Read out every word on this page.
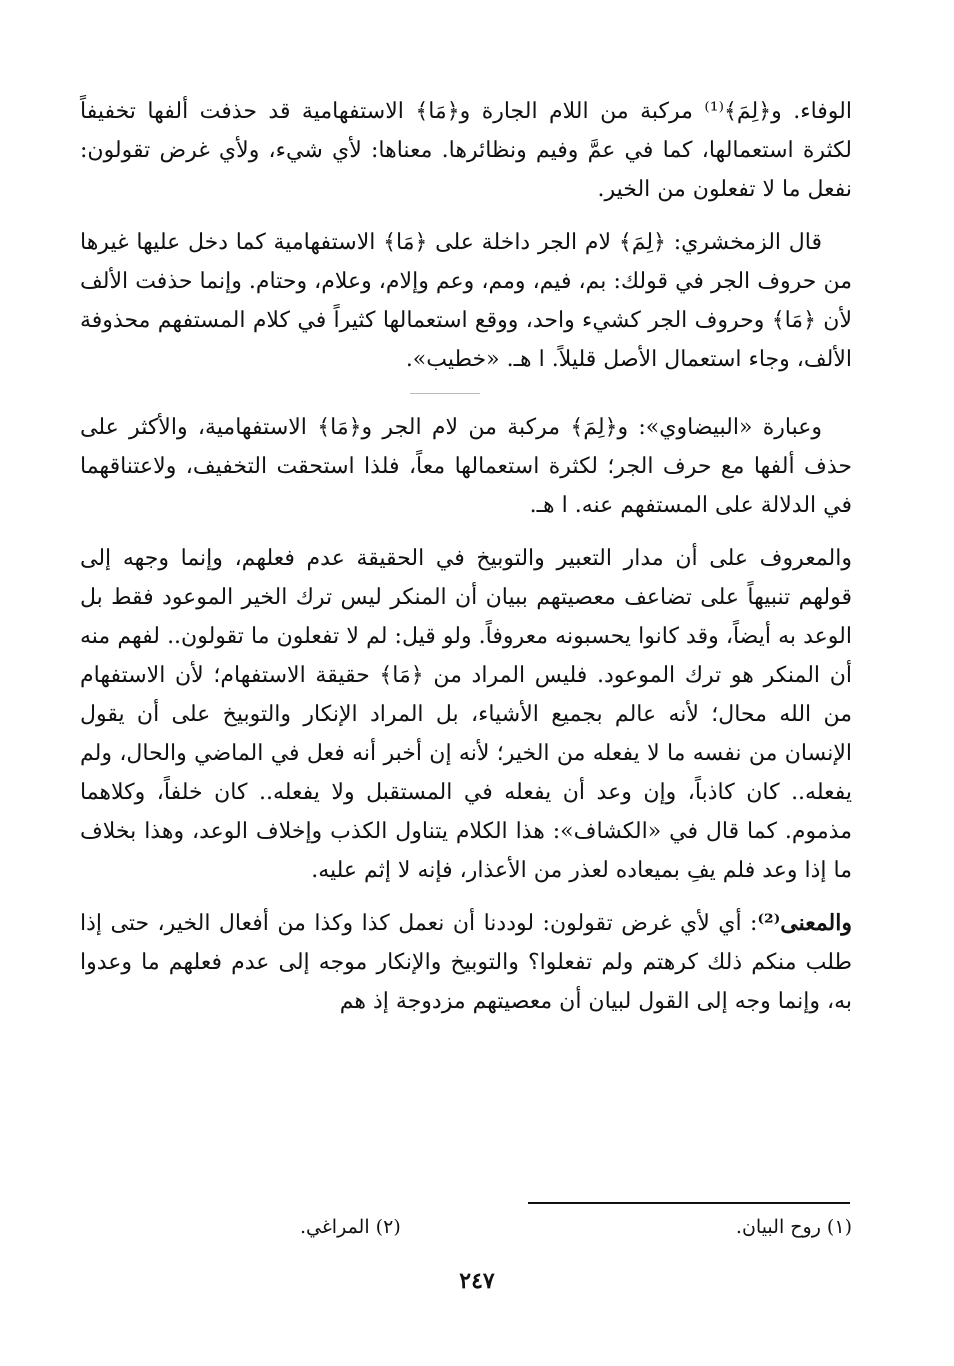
الوفاء. و﴿لِمَ﴾⁽¹⁾ مركبة من اللام الجارة و﴿مَا﴾ الاستفهامية قد حذفت ألفها تخفيفاً لكثرة استعمالها، كما في عمَّ وفيم ونظائرها. معناها: لأي شيء، ولأي غرض تقولون: نفعل ما لا تفعلون من الخير.

قال الزمخشري: ﴿لِمَ﴾ لام الجر داخلة على ﴿مَا﴾ الاستفهامية كما دخل عليها غيرها من حروف الجر في قولك: بم، فيم، ومم، وعم وإلام، وعلام، وحتام. وإنما حذفت الألف لأن ﴿مَا﴾ وحروف الجر كشيء واحد، ووقع استعمالها كثيراً في كلام المستفهم محذوفة الألف، وجاء استعمال الأصل قليلاً. ا هـ. «خطيب».

وعبارة «البيضاوي»: و﴿لِمَ﴾ مركبة من لام الجر و﴿مَا﴾ الاستفهامية، والأكثر على حذف ألفها مع حرف الجر؛ لكثرة استعمالها معاً، فلذا استحقت التخفيف، ولاعتناقهما في الدلالة على المستفهم عنه. ا هـ.

والمعروف على أن مدار التعبير والتوبيخ في الحقيقة عدم فعلهم، وإنما وجهه إلى قولهم تنبيهاً على تضاعف معصيتهم ببيان أن المنكر ليس ترك الخير الموعود فقط بل الوعد به أيضاً، وقد كانوا يحسبونه معروفاً. ولو قيل: لم لا تفعلون ما تقولون.. لفهم منه أن المنكر هو ترك الموعود. فليس المراد من ﴿مَا﴾ حقيقة الاستفهام؛ لأن الاستفهام من الله محال؛ لأنه عالم بجميع الأشياء، بل المراد الإنكار والتوبيخ على أن يقول الإنسان من نفسه ما لا يفعله من الخير؛ لأنه إن أخبر أنه فعل في الماضي والحال، ولم يفعله.. كان كاذباً، وإن وعد أن يفعله في المستقبل ولا يفعله.. كان خلفاً، وكلاهما مذموم. كما قال في «الكشاف»: هذا الكلام يتناول الكذب وإخلاف الوعد، وهذا بخلاف ما إذا وعد فلم يفِ بميعاده لعذر من الأعذار، فإنه لا إثم عليه.

والمعنى⁽²⁾: أي لأي غرض تقولون: لوددنا أن نعمل كذا وكذا من أفعال الخير، حتى إذا طلب منكم ذلك كرهتم ولم تفعلوا؟ والتوبيخ والإنكار موجه إلى عدم فعلهم ما وعدوا به، وإنما وجه إلى القول لبيان أن معصيتهم مزدوجة إذ هم

(١) روح البيان.
(٢) المراغي.
٢٤٧
